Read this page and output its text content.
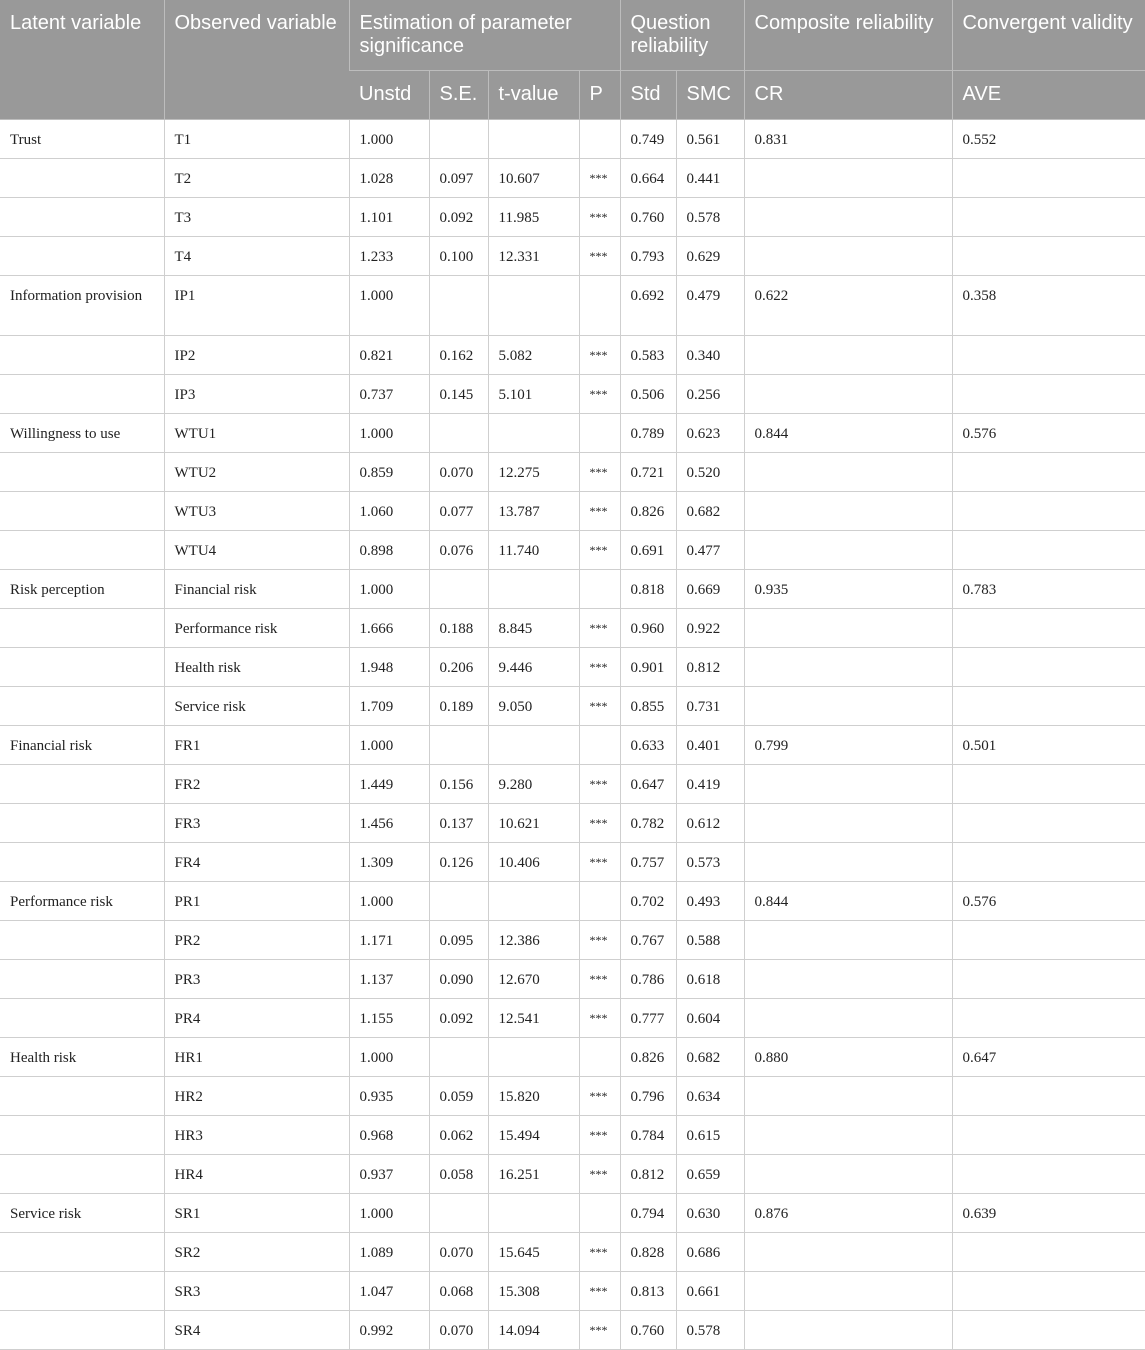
Latent variable	Observed variable	Estimation of parameter significance				Question reliability		Composite reliability	Convergent validity
		Unstd	S.E.	t-value	P	Std	SMC	CR	AVE
Trust	T1	1.000				0.749	0.561	0.831	0.552
	T2	1.028	0.097	10.607	***	0.664	0.441		
	T3	1.101	0.092	11.985	***	0.760	0.578		
	T4	1.233	0.100	12.331	***	0.793	0.629		
Information provision	IP1	1.000				0.692	0.479	0.622	0.358
	IP2	0.821	0.162	5.082	***	0.583	0.340		
	IP3	0.737	0.145	5.101	***	0.506	0.256		
Willingness to use	WTU1	1.000				0.789	0.623	0.844	0.576
	WTU2	0.859	0.070	12.275	***	0.721	0.520		
	WTU3	1.060	0.077	13.787	***	0.826	0.682		
	WTU4	0.898	0.076	11.740	***	0.691	0.477		
Risk perception	Financial risk	1.000				0.818	0.669	0.935	0.783
	Performance risk	1.666	0.188	8.845	***	0.960	0.922		
	Health risk	1.948	0.206	9.446	***	0.901	0.812		
	Service risk	1.709	0.189	9.050	***	0.855	0.731		
Financial risk	FR1	1.000				0.633	0.401	0.799	0.501
	FR2	1.449	0.156	9.280	***	0.647	0.419		
	FR3	1.456	0.137	10.621	***	0.782	0.612		
	FR4	1.309	0.126	10.406	***	0.757	0.573		
Performance risk	PR1	1.000				0.702	0.493	0.844	0.576
	PR2	1.171	0.095	12.386	***	0.767	0.588		
	PR3	1.137	0.090	12.670	***	0.786	0.618		
	PR4	1.155	0.092	12.541	***	0.777	0.604		
Health risk	HR1	1.000				0.826	0.682	0.880	0.647
	HR2	0.935	0.059	15.820	***	0.796	0.634		
	HR3	0.968	0.062	15.494	***	0.784	0.615		
	HR4	0.937	0.058	16.251	***	0.812	0.659		
Service risk	SR1	1.000				0.794	0.630	0.876	0.639
	SR2	1.089	0.070	15.645	***	0.828	0.686		
	SR3	1.047	0.068	15.308	***	0.813	0.661		
	SR4	0.992	0.070	14.094	***	0.760	0.578		
